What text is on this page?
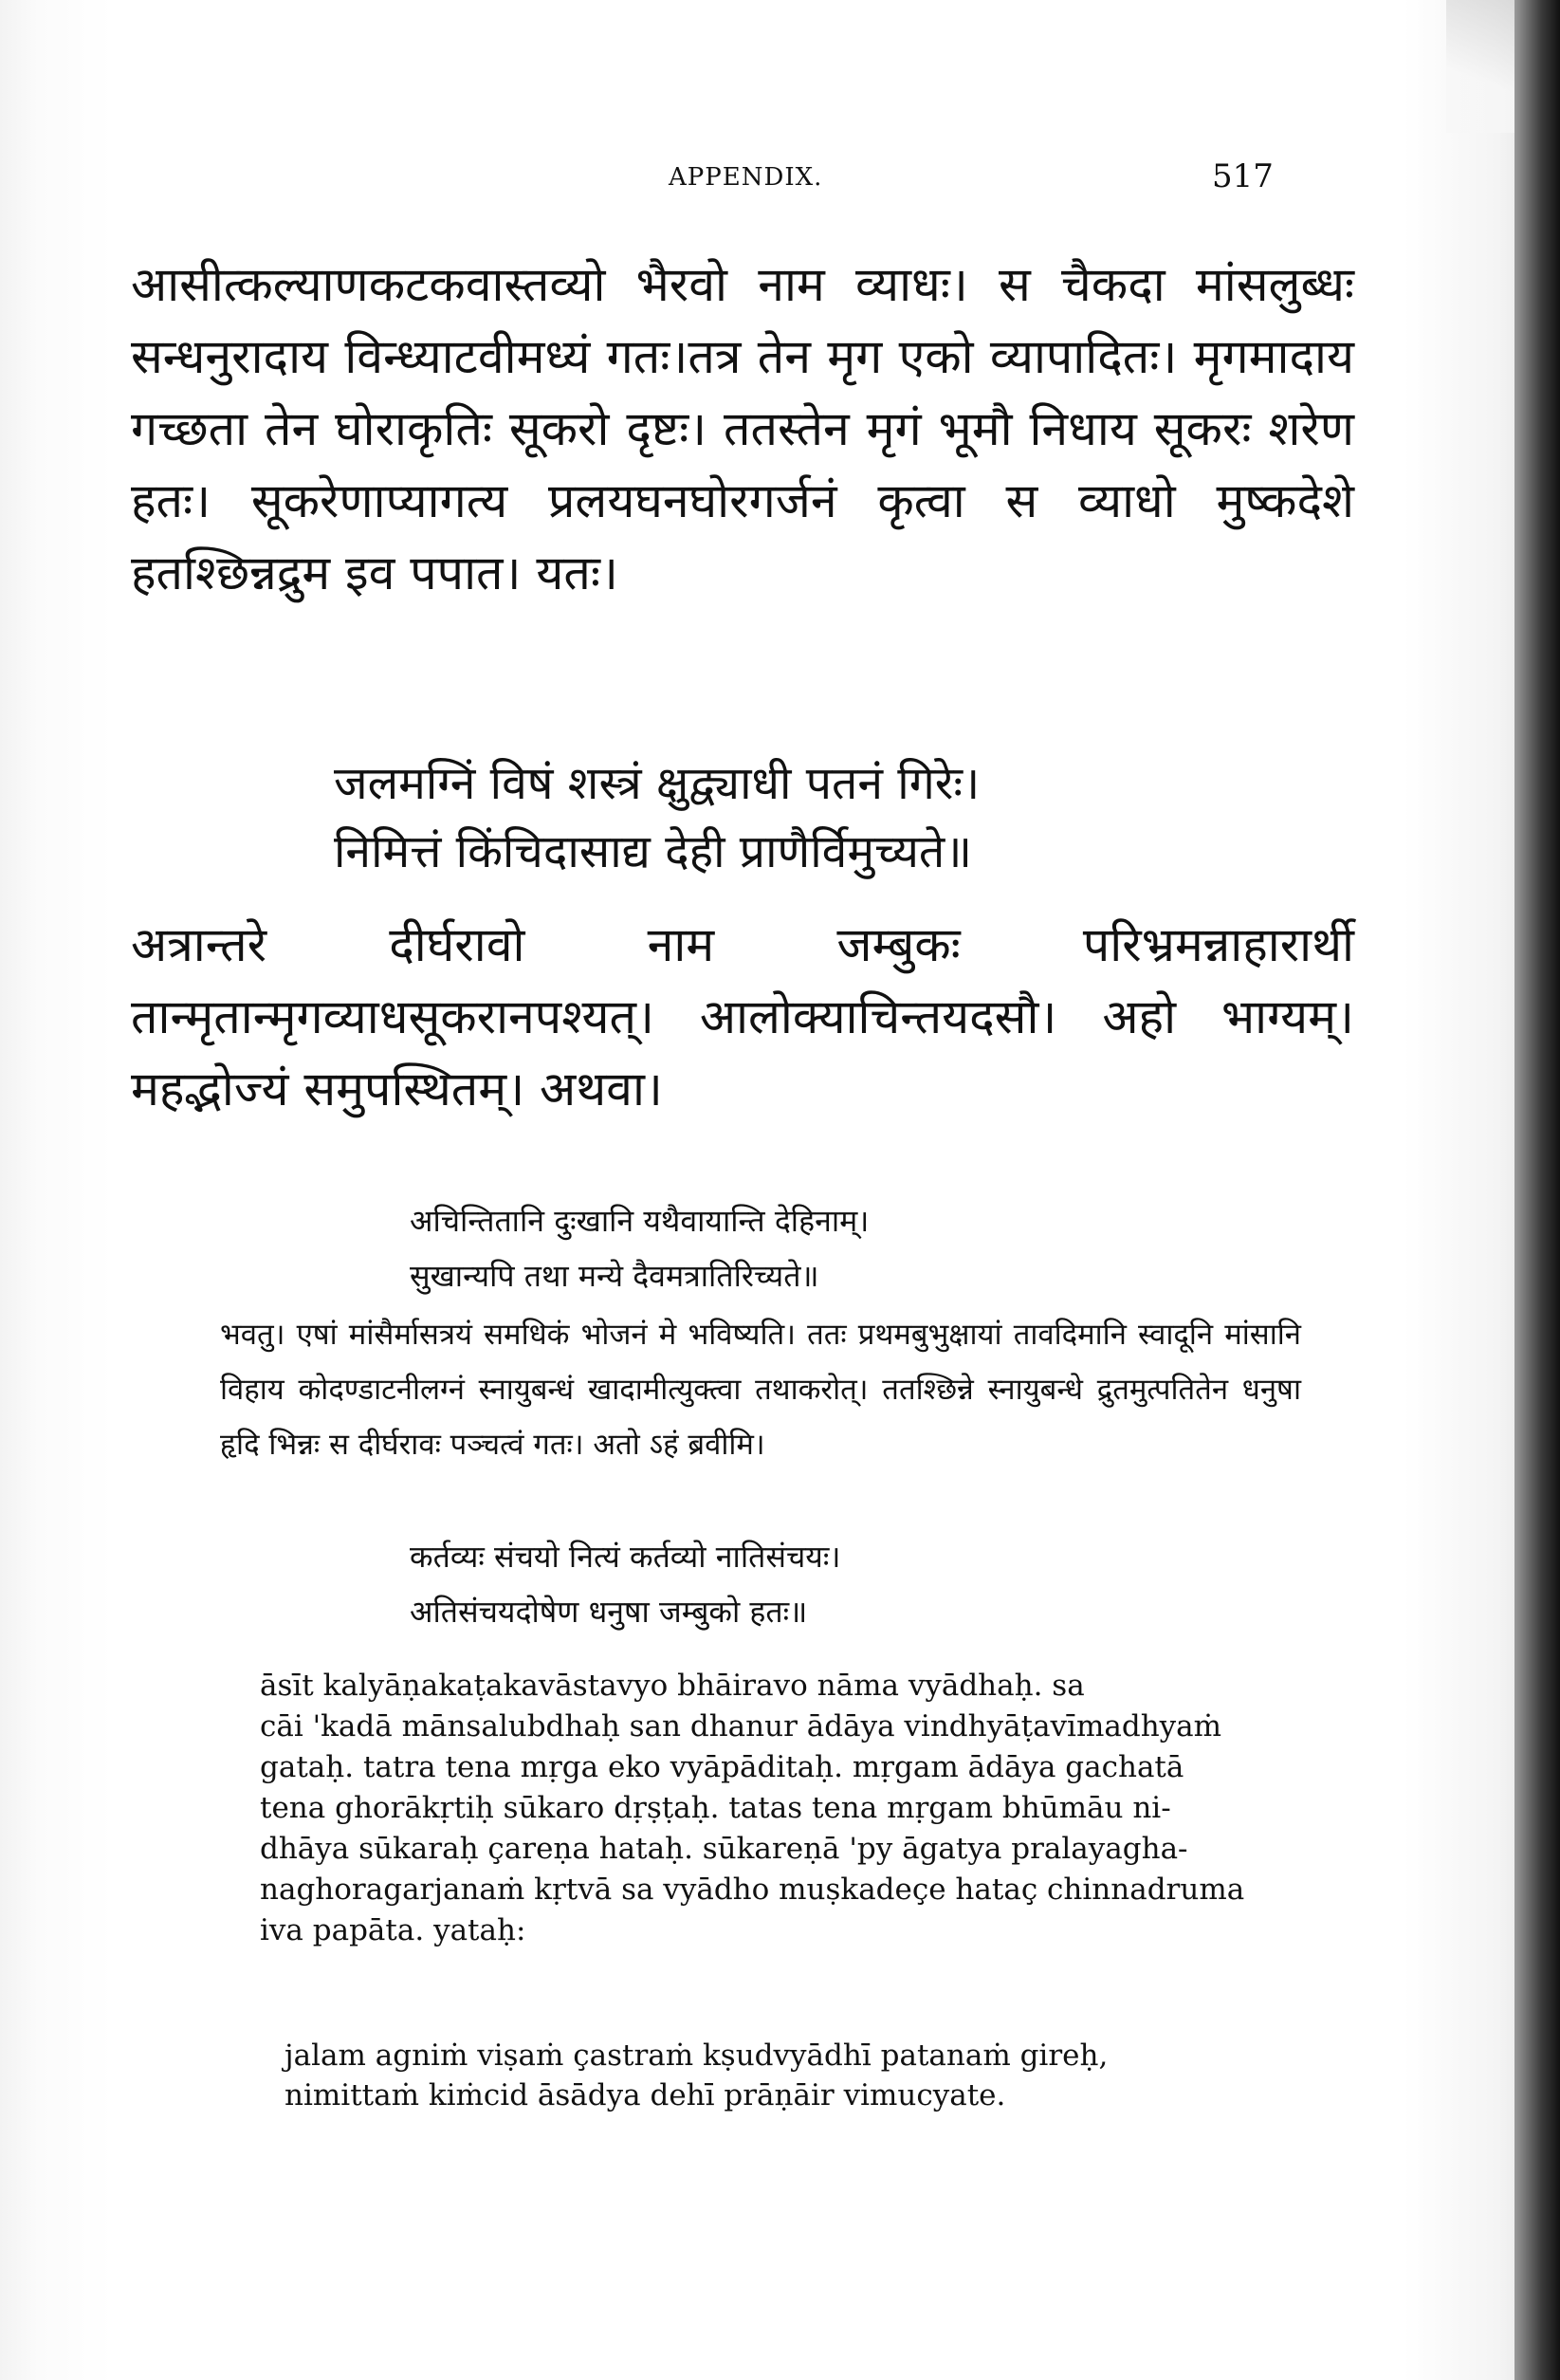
APPENDIX.	517

आसीत्कल्याणकटकवास्तव्यो भैरवो नाम व्याधः। स चैकदा मांसलुब्धः सन्धनुरादाय विन्ध्याटवीमध्यं गतः।तत्र तेन मृग एको व्यापादितः। मृगमादाय गच्छता तेन घोराकृतिः सूकरो दृष्टः। ततस्तेन मृगं भूमौ निधाय सूकरः शरेण हतः। सूकरेणाप्यागत्य प्रलयघनघोरगर्जनं कृत्वा स व्याधो मुष्कदेशे हतश्छिन्नद्रुम इव पपात। यतः।

जलमग्निं विषं शस्त्रं क्षुद्व्याधी पतनं गिरेः।
निमित्तं किंचिदासाद्य देही प्राणैर्विमुच्यते॥

अत्रान्तरे दीर्घरावो नाम जम्बुकः परिभ्रमन्नाहारार्थी तान्मृतान्मृगव्याधसूकरानपश्यत्। आलोक्याचिन्तयदसौ। अहो भाग्यम्। महद्भोज्यं समुपस्थितम्। अथवा।

अचिन्तितानि दुःखानि यथैवायान्ति देहिनाम्।
सुखान्यपि तथा मन्ये दैवमत्रातिरिच्यते॥

भवतु। एषां मांसैर्मासत्रयं समधिकं भोजनं मे भविष्यति। ततः प्रथमबुभुक्षायां तावदिमानि स्वादूनि मांसानि विहाय कोदण्डाटनीलग्नं स्नायुबन्धं खादामीत्युक्त्वा तथाकरोत्। ततश्छिन्ने स्नायुबन्धे द्रुतमुत्पतितेन धनुषा हृदि भिन्नः स दीर्घरावः पञ्चत्वं गतः। अतो ऽहं ब्रवीमि।

कर्तव्यः संचयो नित्यं कर्तव्यो नातिसंचयः।
अतिसंचयदोषेण धनुषा जम्बुको हतः॥
āsīt kalyāṇakaṭakavāstavyo bhāiravo nāma vyādhaḥ. sa
cāi 'kadā mānsalubdhaḥ san dhanur ādāya vindhyāṭavīmadhyaṁ
gataḥ. tatra tena mṛga eko vyāpāditaḥ. mṛgam ādāya gachatā
tena ghorākṛtiḥ sūkaro dṛṣṭaḥ. tatas tena mṛgam bhūmāu ni-
dhāya sūkaraḥ çareṇa hataḥ. sūkareṇā 'py āgatya pralayagha-
naghoragarjanaṁ kṛtvā sa vyādho muṣkadeçe hataç chinnadruma
iva papāta. yataḥ:
jalam agniṁ viṣaṁ çastraṁ kṣudvyādhī patanaṁ gireḥ,
nimittaṁ kiṁcid āsādya dehī prāṇāir vimucyate.
